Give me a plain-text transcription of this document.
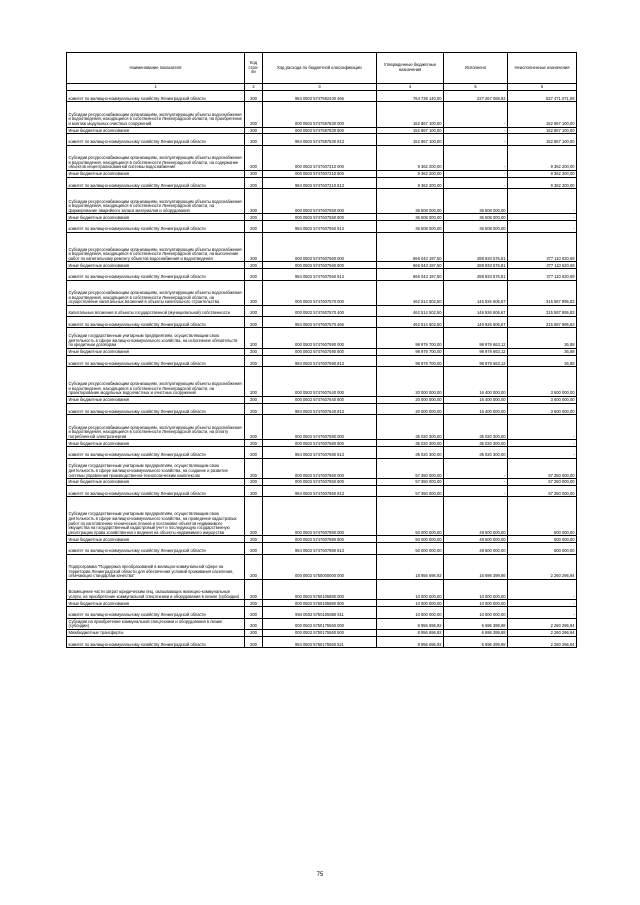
Наименование показателя	Код стро-ки	Код расхода по бюджетной классификации	Утвержденные бюджетные назначения	Исполнено	Неисполненные назначения
1	2	3	4	5	6
комитет по жилищно-коммунальному хозяйству Ленинградской области	200	984 0502 5747592430 466	764 738 140,00	227 267 068,92	537 471 071,08
Субсидии ресурсоснабжающим организациям, эксплуатирующим объекты водоснабжения и водоотведения, находящиеся в собственности Ленинградской области, на приобретение и монтаж модульных очистных сооружений	200	000 0502 5747597830 000	152 867 100,00	-	152 867 100,00
Иные бюджетные ассигнования	200	000 0502 5747597830 800	152 867 100,00	-	152 867 100,00
комитет по жилищно-коммунальному хозяйству Ленинградской области	200	984 0502 5747597830 813	152 867 100,00	-	152 867 100,00
Субсидии ресурсоснабжающим организациям, эксплуатирующим объекты водоснабжения и водоотведения, находящиеся в собственности Ленинградской области, на содержание объектов нецентрализованной системы водоснабжения	200	000 0502 5747607210 000	9 362 200,00	-	9 362 200,00
Иные бюджетные ассигнования	200	000 0502 5747607210 800	9 362 200,00	-	9 362 200,00
комитет по жилищно-коммунальному хозяйству Ленинградской области	200	984 0502 5747607210 813	9 362 200,00	-	9 362 200,00
Субсидии ресурсоснабжающим организациям, эксплуатирующим объекты водоснабжения и водоотведения, находящиеся в собственности Ленинградской области, на формирование аварийного запаса материалов и оборудования	200	000 0502 5747607550 000	36 508 000,00	36 508 000,00	-
Иные бюджетные ассигнования	200	000 0502 5747607550 800	36 508 000,00	36 508 000,00	-
комитет по жилищно-коммунальному хозяйству Ленинградской области	200	984 0502 5747607550 813	36 508 000,00	36 508 000,00	-
Субсидии ресурсоснабжающим организациям, эксплуатирующим объекты водоснабжения и водоотведения, находящиеся в собственности Ленинградской области, на выполнение работ по капитальному ремонту объектов водоснабжения и водоотведения	200	000 0502 5747607560 000	666 043 197,50	288 933 576,81	377 110 620,69
Иные бюджетные ассигнования	200	000 0502 5747607560 800	666 043 197,50	288 933 576,81	377 110 620,69
комитет по жилищно-коммунальному хозяйству Ленинградской области	200	984 0502 5747607560 813	666 043 197,50	288 933 576,81	377 110 620,69
Субсидии ресурсоснабжающим организациям, эксплуатирующим объекты водоснабжения и водоотведения, находящиеся в собственности Ленинградской области, на осуществление капитальных вложений в объекты капитального строительства	200	000 0502 5747607570 000	462 514 502,50	146 926 606,67	315 587 895,83
Капитальные вложения в объекты государственной (муниципальной) собственности	200	000 0502 5747607570 400	462 514 502,50	146 926 606,67	315 587 895,83
комитет по жилищно-коммунальному хозяйству Ленинградской области	200	984 0502 5747607570 466	462 514 502,50	146 926 606,67	315 587 895,83
Субсидии государственным унитарным предприятиям, осуществляющим свою деятельность в сфере жилищно-коммунального хозяйства, на исполнение обязательств по кредитным договорам	200	000 0502 5747607590 000	99 979 700,00	99 979 663,12	36,88
Иные бюджетные ассигнования	200	000 0502 5747607590 800	99 979 700,00	99 979 663,12	36,88
комитет по жилищно-коммунальному хозяйству Ленинградской области	200	984 0502 5747607590 813	99 979 700,00	99 979 663,12	36,88
Субсидии ресурсоснабжающим организациям, эксплуатирующим объекты водоснабжения и водоотведения, находящиеся в собственности Ленинградской области, на проектирование модульных водоочистных и очистных сооружений	200	000 0502 5747607640 000	20 000 000,00	16 400 000,00	3 600 000,00
Иные бюджетные ассигнования	200	000 0502 5747607640 800	20 000 000,00	16 400 000,00	3 600 000,00
комитет по жилищно-коммунальному хозяйству Ленинградской области	200	984 0502 5747607640 813	20 000 000,00	16 400 000,00	3 600 000,00
Субсидии ресурсоснабжающим организациям, эксплуатирующим объекты водоснабжения и водоотведения, находящиеся в собственности Ленинградской области, на оплату потребленной электроэнергии	200	000 0502 5747607680 000	35 020 300,00	35 020 300,00	-
Иные бюджетные ассигнования	200	000 0502 5747607680 800	35 020 300,00	35 020 300,00	-
комитет по жилищно-коммунальному хозяйству Ленинградской области	200	984 0502 5747607680 813	35 020 300,00	35 020 300,00	-
Субсидии государственным унитарным предприятиям, осуществляющим свою деятельность в сфере жилищно-коммунального хозяйства, на создание и развитие системы управления производственно-технологическим комплексом	200	000 0502 5747607860 000	57 350 000,00	-	57 350 000,00
Иные бюджетные ассигнования	200	000 0502 5747607860 800	57 350 000,00	-	57 350 000,00
комитет по жилищно-коммунальному хозяйству Ленинградской области	200	984 0502 5747607860 813	57 350 000,00	-	57 350 000,00
Субсидии государственным унитарным предприятиям, осуществляющим свою деятельность в сфере жилищно-коммунального хозяйства, на проведение кадастровых работ по изготовлению технических планов и постановке объектов недвижимого имущества на государственный кадастровый учет и последующую государственную регистрацию права хозяйственного ведения на объекты недвижимого имущества	200	000 0502 5747607880 000	50 000 000,00	49 500 000,00	500 000,00
Иные бюджетные ассигнования	200	000 0502 5747607880 800	50 000 000,00	49 500 000,00	500 000,00
комитет по жилищно-коммунальному хозяйству Ленинградской области	200	984 0502 5747607880 813	50 000 000,00	49 500 000,00	500 000,00
Подпрограмма "Поддержка преобразований в жилищно-коммунальной сфере на территории Ленинградской области для обеспечения условий проживания населения, отвечающих стандартам качества"	200	000 0502 5750000000 000	18 956 696,92	16 696 399,86	2 260 296,94
Возмещение части затрат юридическим лиц, оказывающих жилищно-коммунальные услуги, на приобретение коммунальной спецтехники и оборудования в лизинг (субсидии)	200	000 0502 5750105880 000	10 000 000,00	10 000 000,00	-
Иные бюджетные ассигнования	200	000 0502 5750105880 800	10 000 000,00	10 000 000,00	-
комитет по жилищно-коммунальному хозяйству Ленинградской области	200	984 0502 5750105880 811	10 000 000,00	10 000 000,00	-
Субсидии на приобретение коммунальной спецтехники и оборудования в лизинг (субсидии)	200	000 0502 5750175560 000	8 956 696,92	6 696 399,88	2 260 296,94
Межбюджетные трансферты	200	000 0502 5750175560 500	8 956 696,92	6 696 399,88	2 260 296,94
комитет по жилищно-коммунальному хозяйству Ленинградской области	200	984 0502 5750175560 521	8 956 696,92	6 696 399,88	2 260 296,94
75
